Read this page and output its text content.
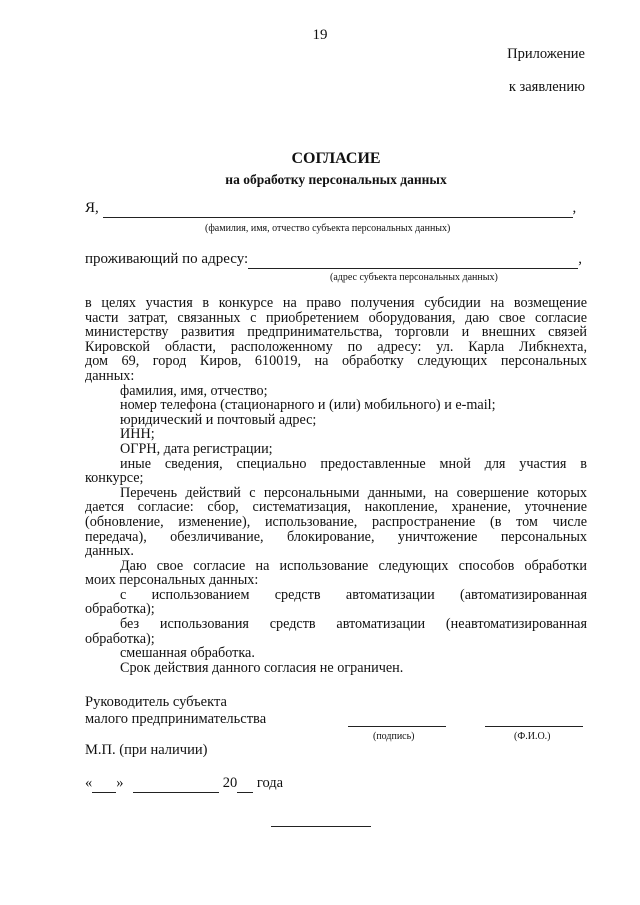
19
Приложение
к заявлению
СОГЛАСИЕ
на обработку персональных данных
Я,	,
(фамилия, имя, отчество субъекта персональных данных)
проживающий по адресу:	,
(адрес субъекта персональных данных)

в целях участия в конкурсе на право получения субсидии на возмещение

части затрат, связанных с приобретением оборудования, даю свое согласие

министерству развития предпринимательства, торговли и внешних связей

Кировской области, расположенному по адресу: ул. Карла Либкнехта,

дом 69, город Киров, 610019, на обработку следующих персональных

данных:

фамилия, имя, отчество;

номер телефона (стационарного и (или) мобильного) и e-mail;

юридический и почтовый адрес;

ИНН;

ОГРН, дата регистрации;

иные сведения, специально предоставленные мной для участия в

конкурсе;

Перечень действий с персональными данными, на совершение которых

дается согласие: сбор, систематизация, накопление, хранение, уточнение

(обновление, изменение), использование, распространение (в том числе

передача), обезличивание, блокирование, уничтожение персональных

данных.

Даю свое согласие на использование следующих способов обработки

моих персональных данных:

с использованием средств автоматизации (автоматизированная

обработка);

без использования средств автоматизации (неавтоматизированная

обработка);

смешанная обработка.

Срок действия данного согласия не ограничен.

Руководитель субъекта
малого предпринимательства
(подпись)	(Ф.И.О.)
М.П. (при наличии)
« »	20 года
